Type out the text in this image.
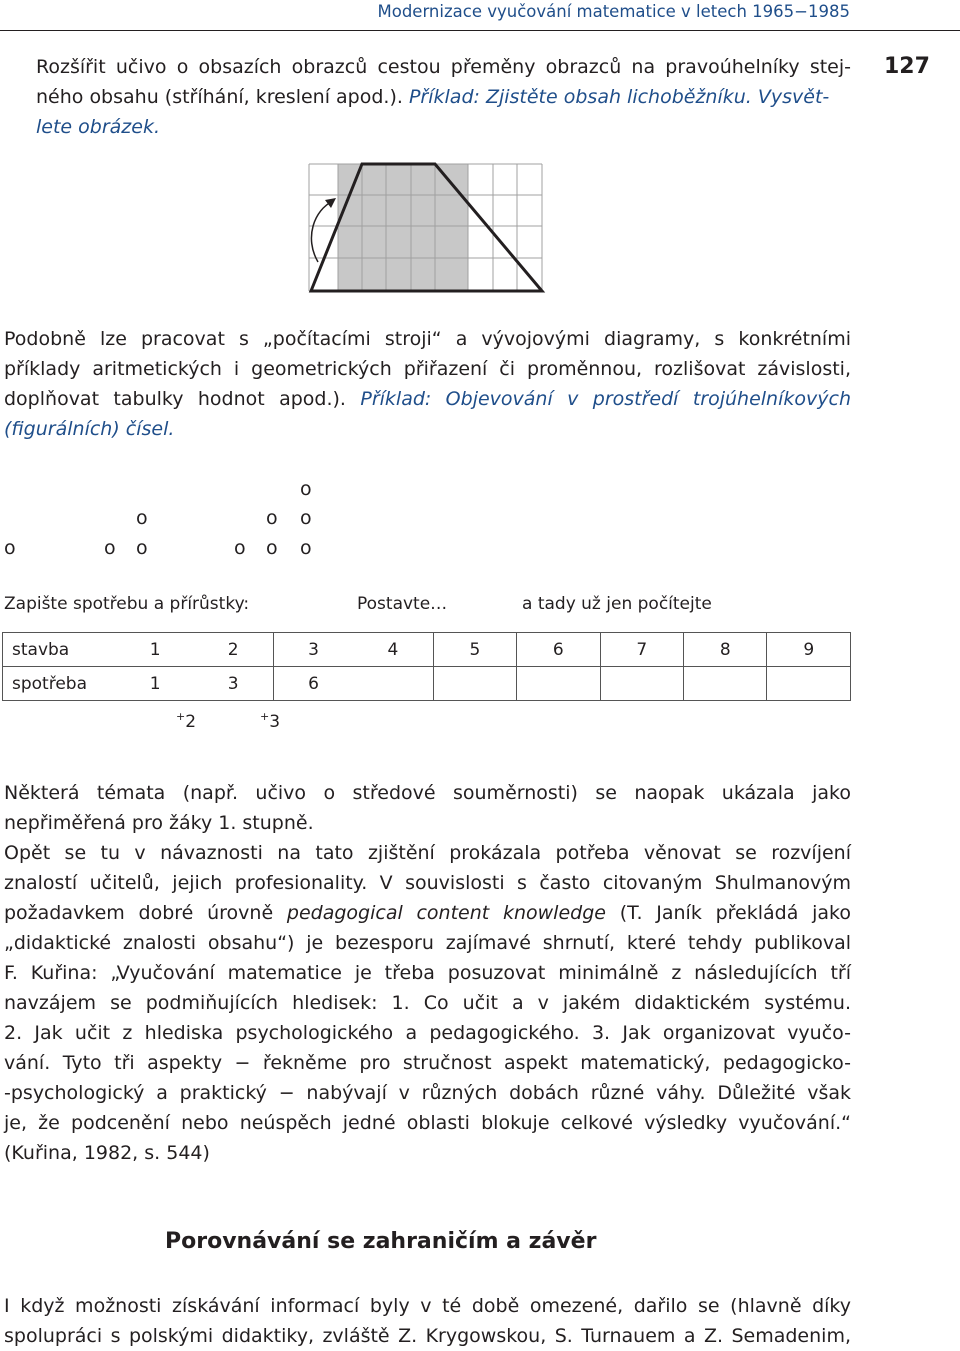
Modernizace vyučování matematice v letech 1965−1985
127
Rozšířit učivo o obsazích obrazců cestou přeměny obrazců na pravoúhelníky stej-
ného obsahu (stříhání, kreslení apod.). Příklad: Zjistěte obsah lichoběžníku. Vysvět-
lete obrázek.
Podobně lze pracovat s „počítacími stroji“ a vývojovými diagramy, s konkrétními
příklady aritmetických i geometrických přiřazení či proměnnou, rozlišovat závislosti,
doplňovat tabulky hodnot apod.). Příklad: Objevování v prostředí trojúhelníkových
(figurálních) čísel.
o
o
o o
o
o o
o o o
Zapište spotřebu a přírůstky:	Postavte…	a tady už jen počítejte
stavba	1	2	3	4	5	6	7	8	9
spotřeba	1	3	6						
+2	+3
Některá témata (např. učivo o středové souměrnosti) se naopak ukázala jako
nepřiměřená pro žáky 1. stupně.
Opět se tu v návaznosti na tato zjištění prokázala potřeba věnovat se rozvíjení
znalostí učitelů, jejich profesionality. V souvislosti s často citovaným Shulmanovým
požadavkem dobré úrovně pedagogical content knowledge (T. Janík překládá jako
„didaktické znalosti obsahu“) je bezesporu zajímavé shrnutí, které tehdy publikoval
F. Kuřina: „Vyučování matematice je třeba posuzovat minimálně z následujících tří
navzájem se podmiňujících hledisek: 1. Co učit a v jakém didaktickém systému.
2. Jak učit z hlediska psychologického a pedagogického. 3. Jak organizovat vyučo-
vání. Tyto tři aspekty − řekněme pro stručnost aspekt matematický, pedagogicko-
-psychologický a praktický − nabývají v různých dobách různé váhy. Důležité však
je, že podcenění nebo neúspěch jedné oblasti blokuje celkové výsledky vyučování.“
(Kuřina, 1982, s. 544)
Porovnávání se zahraničím a závěr
I když možnosti získávání informací byly v té době omezené, dařilo se (hlavně díky
spolupráci s polskými didaktiky, zvláště Z. Krygowskou, S. Turnauem a Z. Semadenim,
